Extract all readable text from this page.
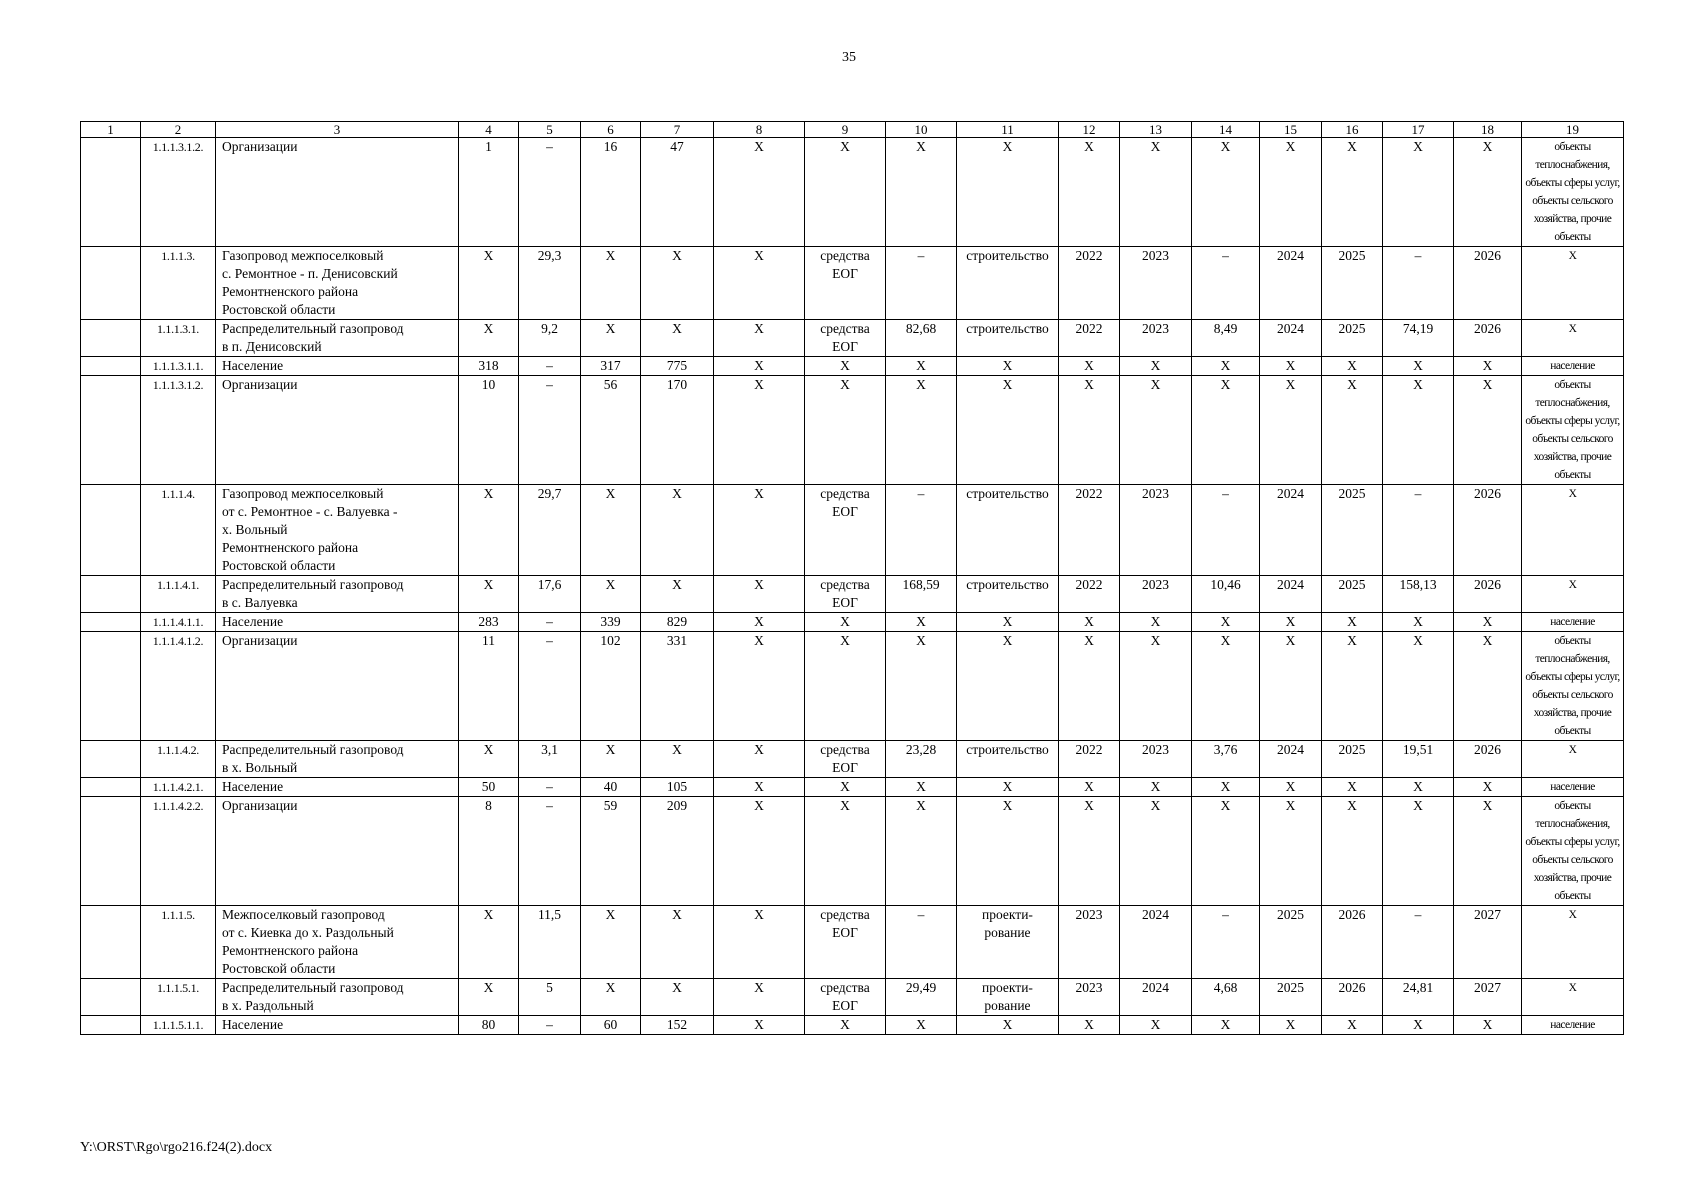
35
1	2	3	4	5	6	7	8	9	10	11	12	13	14	15	16	17	18	19
	1.1.1.3.1.2.	Организации	1	–	16	47	X	X	X	X	X	X	X	X	X	X	X	объекты теплоснабжения, объекты сферы услуг, объекты сельского хозяйства, прочие объекты
	1.1.1.3.	Газопровод межпоселковый
с. Ремонтное - п. Денисовский
Ремонтненского района
Ростовской области	X	29,3	X	X	X	средства
ЕОГ	–	строительство	2022	2023	–	2024	2025	–	2026	X
	1.1.1.3.1.	Распределительный газопровод
в п. Денисовский	X	9,2	X	X	X	средства
ЕОГ	82,68	строительство	2022	2023	8,49	2024	2025	74,19	2026	X
	1.1.1.3.1.1.	Население	318	–	317	775	X	X	X	X	X	X	X	X	X	X	X	население
	1.1.1.3.1.2.	Организации	10	–	56	170	X	X	X	X	X	X	X	X	X	X	X	объекты теплоснабжения, объекты сферы услуг, объекты сельского хозяйства, прочие объекты
	1.1.1.4.	Газопровод межпоселковый
от с. Ремонтное - с. Валуевка -
х. Вольный
Ремонтненского района
Ростовской области	X	29,7	X	X	X	средства
ЕОГ	–	строительство	2022	2023	–	2024	2025	–	2026	X
	1.1.1.4.1.	Распределительный газопровод
в с. Валуевка	X	17,6	X	X	X	средства
ЕОГ	168,59	строительство	2022	2023	10,46	2024	2025	158,13	2026	X
	1.1.1.4.1.1.	Население	283	–	339	829	X	X	X	X	X	X	X	X	X	X	X	население
	1.1.1.4.1.2.	Организации	11	–	102	331	X	X	X	X	X	X	X	X	X	X	X	объекты теплоснабжения, объекты сферы услуг, объекты сельского хозяйства, прочие объекты
	1.1.1.4.2.	Распределительный газопровод
в х. Вольный	X	3,1	X	X	X	средства
ЕОГ	23,28	строительство	2022	2023	3,76	2024	2025	19,51	2026	X
	1.1.1.4.2.1.	Население	50	–	40	105	X	X	X	X	X	X	X	X	X	X	X	население
	1.1.1.4.2.2.	Организации	8	–	59	209	X	X	X	X	X	X	X	X	X	X	X	объекты теплоснабжения, объекты сферы услуг, объекты сельского хозяйства, прочие объекты
	1.1.1.5.	Межпоселковый газопровод
от с. Киевка до х. Раздольный
Ремонтненского района
Ростовской области	X	11,5	X	X	X	средства
ЕОГ	–	проекти-
рование	2023	2024	–	2025	2026	–	2027	X
	1.1.1.5.1.	Распределительный газопровод
в х. Раздольный	X	5	X	X	X	средства
ЕОГ	29,49	проекти-
рование	2023	2024	4,68	2025	2026	24,81	2027	X
	1.1.1.5.1.1.	Население	80	–	60	152	X	X	X	X	X	X	X	X	X	X	X	население
Y:\ORST\Rgo\rgo216.f24(2).docx
